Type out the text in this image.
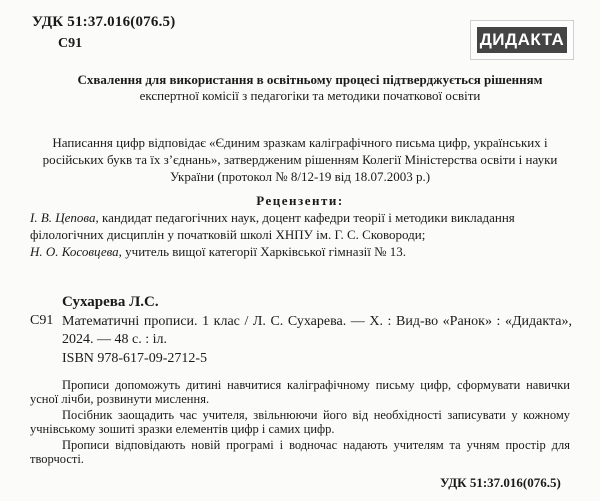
УДК 51:37.016(076.5)
С91	ДИДАКТА
Схвалення для використання в освітньому процесі підтверджується рішенням
експертної комісії з педагогіки та методики початкової освіти
Написання цифр відповідає «Єдиним зразкам каліграфічного письма цифр, українських і російських букв та їх з’єднань», затвердженим рішенням Колегії Міністерства освіти і науки України (протокол № 8/12-19 від 18.07.2003 р.)
Рецензенти:
І. В. Цепова, кандидат педагогічних наук, доцент кафедри теорії і методики викладання філологічних дисциплін у початковій школі ХНПУ ім. Г. С. Сковороди;
Н. О. Косовцева, учитель вищої категорії Харківської гімназії № 13.
Сухарева Л.С.
С91 Математичні прописи. 1 клас / Л. С. Сухарева. — Х. : Вид-во «Ранок» : «Дидакта», 2024. — 48 с. : іл.
ISBN 978-617-09-2712-5
Прописи допоможуть дитині навчитися каліграфічному письму цифр, сформувати навички усної лічби, розвинути мислення.
Посібник заощадить час учителя, звільнюючи його від необхідності записувати у кожному учнівському зошиті зразки елементів цифр і самих цифр.
Прописи відповідають новій програмі і водночас надають учителям та учням простір для творчості.
УДК 51:37.016(076.5)
